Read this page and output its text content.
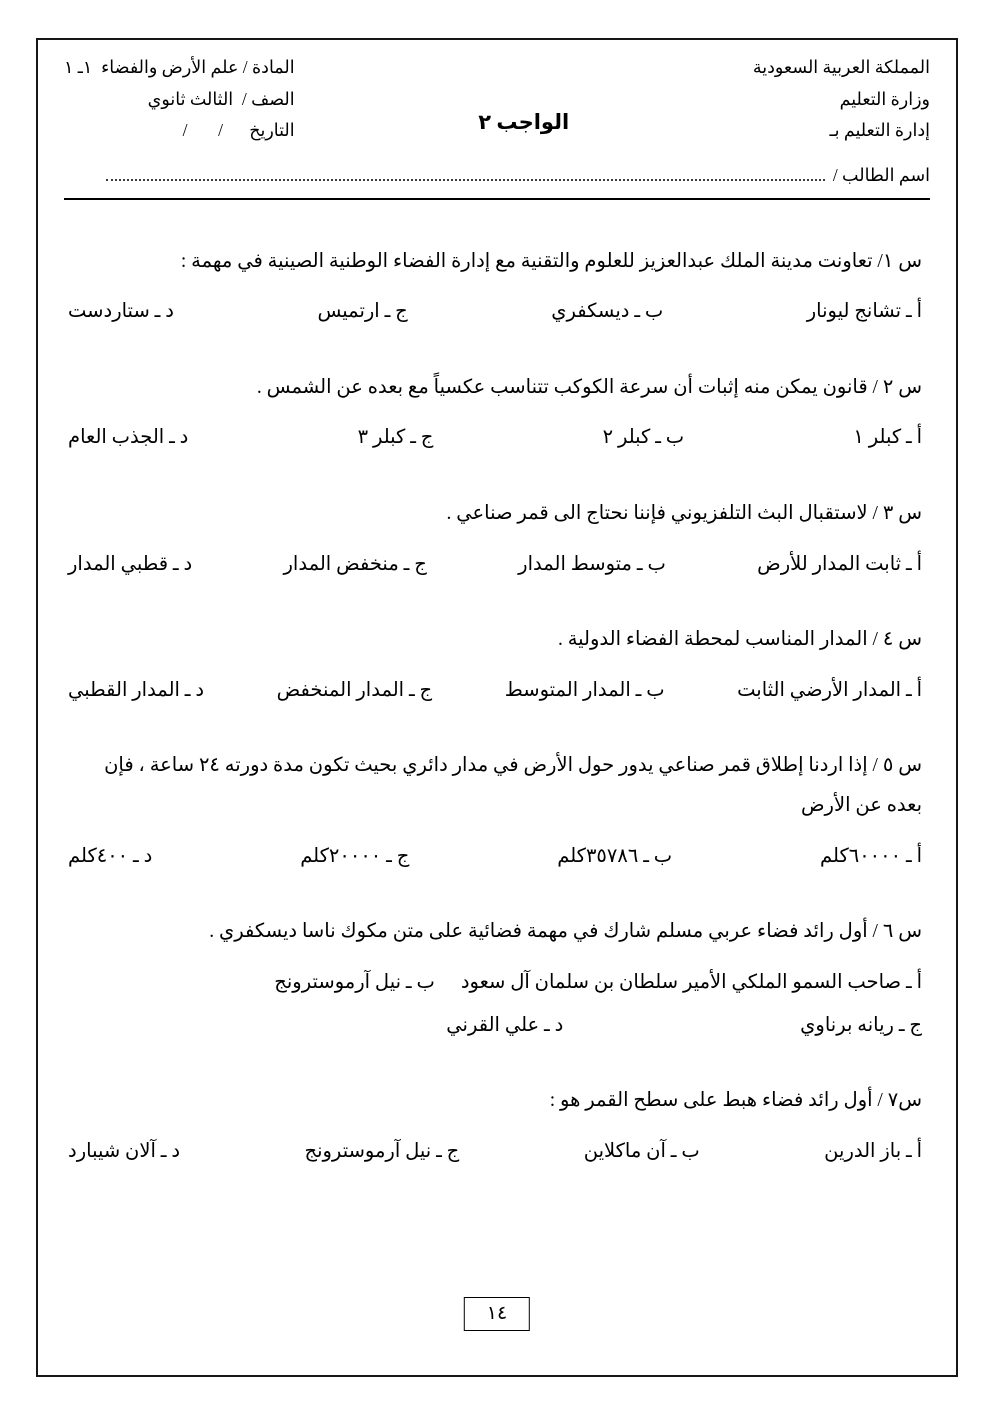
المملكة العربية السعودية
وزارة التعليم
إدارة التعليم بـ
الواجب ٢
المادة / علم الأرض والفضاء  ١ـ ١
الصف /  الثالث ثانوي
التاريخ      /       /
اسم الطالب /
س ١/ تعاونت مدينة الملك عبدالعزيز للعلوم والتقنية مع إدارة الفضاء الوطنية الصينية في مهمة :
أ ـ تشانج ليونار
ب ـ ديسكفري
ج ـ ارتميس
د ـ ستاردست
س ٢ / قانون يمكن منه إثبات أن سرعة الكوكب تتناسب عكسياً مع بعده عن الشمس .
أ ـ كبلر ١
ب ـ كبلر ٢
ج ـ كبلر ٣
د ـ الجذب العام
س ٣ / لاستقبال البث التلفزيوني فإننا نحتاج الى قمر صناعي .
أ ـ ثابت المدار للأرض
ب ـ متوسط المدار
ج ـ منخفض المدار
د ـ قطبي المدار
س ٤ / المدار المناسب لمحطة الفضاء الدولية .
أ ـ المدار الأرضي الثابت
ب ـ المدار المتوسط
ج ـ المدار المنخفض
د ـ المدار القطبي
س ٥ / إذا اردنا إطلاق قمر صناعي يدور حول الأرض في مدار دائري بحيث تكون مدة دورته ٢٤ ساعة ، فإن بعده عن الأرض
أ ـ ٦٠٠٠٠كلم
ب ـ ٣٥٧٨٦كلم
ج ـ ٢٠٠٠٠كلم
د ـ ٤٠٠كلم
س ٦ / أول رائد فضاء عربي مسلم شارك في مهمة فضائية على متن مكوك ناسا ديسكفري .
أ ـ صاحب السمو الملكي الأمير سلطان بن سلمان آل سعود
ب ـ نيل آرموسترونج
ج ـ ريانه برناوي
د ـ علي القرني
س٧ / أول رائد فضاء هبط على سطح القمر هو :
أ ـ باز الدرين
ب ـ آن ماكلاين
ج ـ نيل آرموسترونج
د ـ آلان شيبارد
١٤
